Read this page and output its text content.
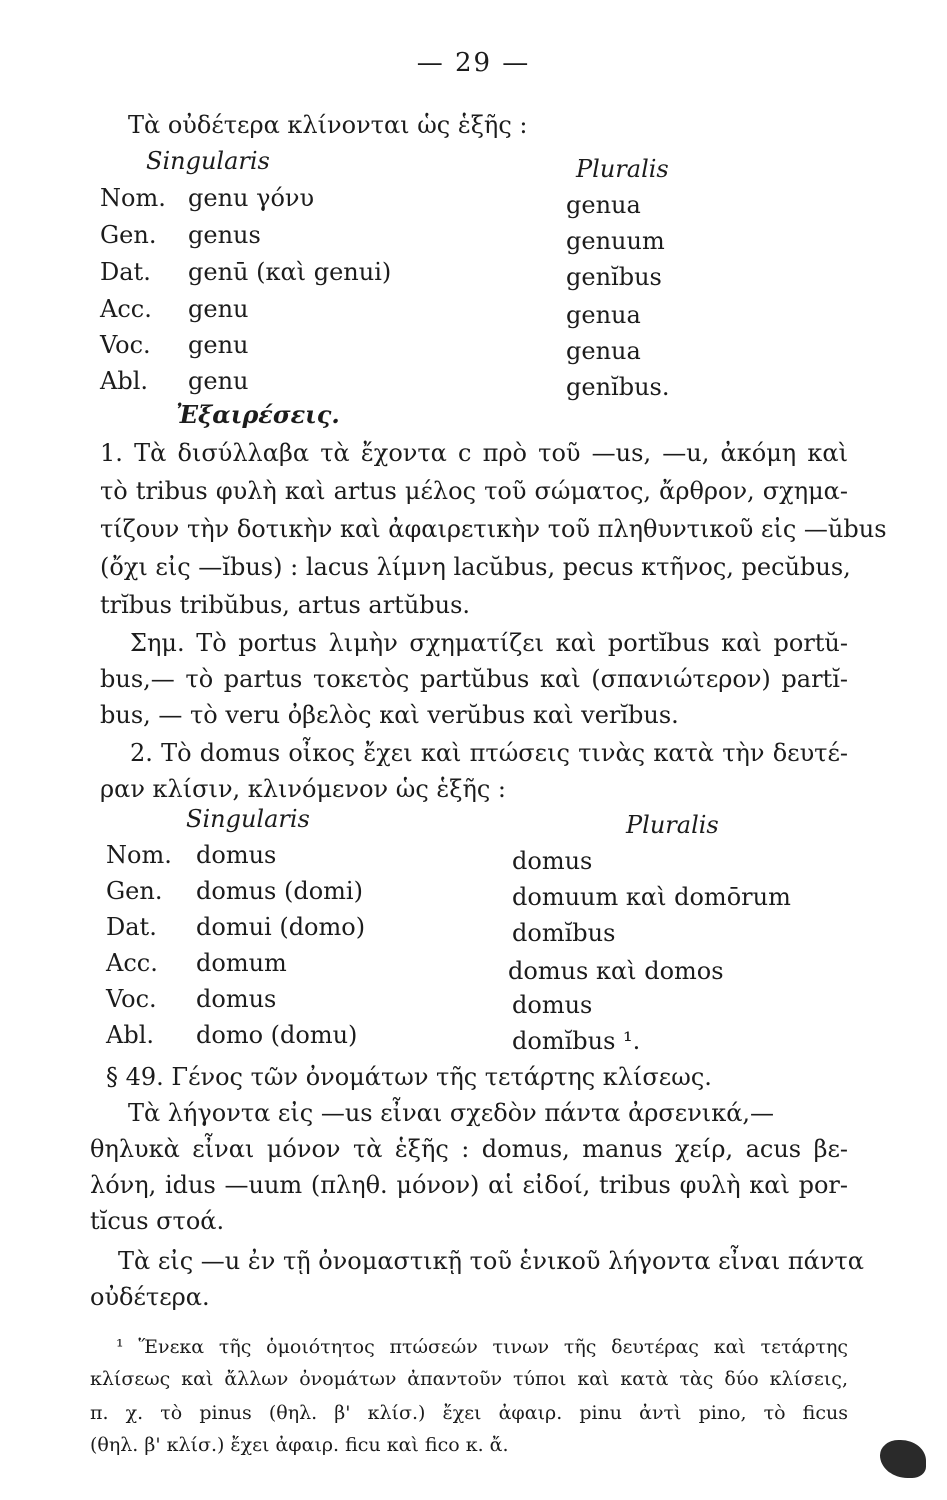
— 29 —
Τὰ οὐδέτερα κλίνονται ὡς ἑξῆς :
Singularis	Pluralis
Nom. genu γόνυ	genua
Gen. genus	genuum
Dat. genū (καὶ genui)	genĭbus
Acc. genu	genua
Voc. genu	genua
Abl. genu	genĭbus.
Ἐξαιρέσεις.
1. Τὰ δισύλλαβα τὰ ἔχοντα c πρὸ τοῦ —us, —u, ἀκόμη καὶ
τὸ tribus φυλὴ καὶ artus μέλος τοῦ σώματος, ἄρθρον, σχημα-
τίζουν τὴν δοτικὴν καὶ ἀφαιρετικὴν τοῦ πληθυντικοῦ εἰς —ŭbus
(ὄχι εἰς —ĭbus) : lacus λίμνη lacŭbus, pecus κτῆνος, pecŭbus,
trĭbus tribŭbus, artus artŭbus.
Σημ. Τὸ portus λιμὴν σχηματίζει καὶ portĭbus καὶ portŭ-
bus,— τὸ partus τοκετὸς partŭbus καὶ (σπανιώτερον) partĭ-
bus, — τὸ veru ὀβελὸς καὶ verŭbus καὶ verĭbus.
2. Τὸ domus οἶκος ἔχει καὶ πτώσεις τινὰς κατὰ τὴν δευτέ-
ραν κλίσιν, κλινόμενον ὡς ἑξῆς :
Singularis	Pluralis
Nom. domus	domus
Gen. domus (domi)	domuum καὶ domōrum
Dat. domui (domo)	domĭbus
Acc. domum	domus καὶ domos
Voc. domus	domus
Abl. domo (domu)	domĭbus ¹.
§ 49. Γένος τῶν ὀνομάτων τῆς τετάρτης κλίσεως.
Τὰ λήγοντα εἰς —us εἶναι σχεδὸν πάντα ἀρσενικά,—
θηλυκὰ εἶναι μόνον τὰ ἑξῆς : domus, manus χείρ, acus βε-
λόνη, idus —uum (πληθ. μόνον) αἱ εἰδοί, tribus φυλὴ καὶ por-
tĭcus στοά.
Τὰ εἰς —u ἐν τῇ ὀνομαστικῇ τοῦ ἑνικοῦ λήγοντα εἶναι πάντα
οὐδέτερα.
¹ Ἕνεκα τῆς ὁμοιότητος πτώσεών τινων τῆς δευτέρας καὶ τετάρτης
κλίσεως καὶ ἄλλων ὀνομάτων ἀπαντοῦν τύποι καὶ κατὰ τὰς δύο κλίσεις,
π. χ. τὸ pinus (θηλ. β' κλίσ.) ἔχει ἀφαιρ. pinu ἀντὶ pino, τὸ ficus
(θηλ. β' κλίσ.) ἔχει ἀφαιρ. ficu καὶ fico κ. ἄ.
